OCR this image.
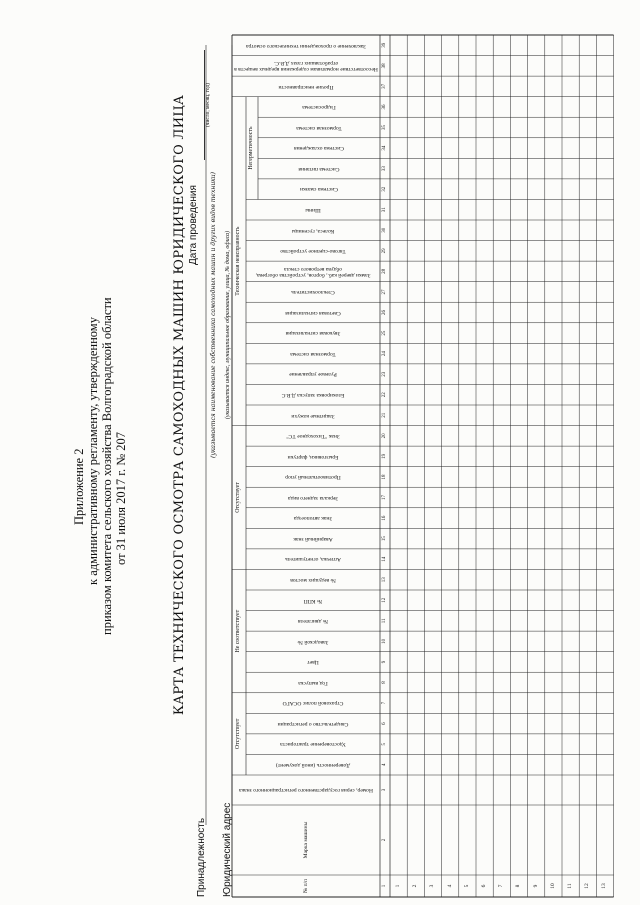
Приложение 2 к административному регламенту, утвержденному приказом комитета сельского хозяйства Волгоградской области от 31 июля 2017 г. № 207	КАРТА ТЕХНИЧЕСКОГО ОСМОТРА САМОХОДНЫХ МАШИН ЮРИДИЧЕСКОГО ЛИЦА Дата проведения
(число, месяц, год)
Принадлежность
(указывается наименование собственника самоходных машин и других видов техники)
Юридический адрес
(указывается индекс, муниципальное образование, улица, № дома, офиса)
Отсутствует
Не соответствует
Отсутствует
Техническая неисправность
Негерметичность
№ п/п	1
Марка машины	2
Номер, серия государственного регистрационного знака	3
Доверенность (иной документ)	4
Удостоверение тракториста	5
Свидетельство о регистрации	6
Страховой полис ОСАГО	7
Год выпуска	8
Цвет	9
Заводской №	10
№ двигателя	11
№ КПП	12
№ ведущих мостов	13
Аптечка, огнетушитель	14
Аварийный знак	15
Знак автопоезда	16
Зеркала заднего вида	17
Противооткатный упор	18
Брызговики, фартуки	19
Знак "Тихоходное ТС"	20
Защитные кожухи	21
Блокировка запуска Д.В.С	22
Рулевое управление	23
Тормозная система	24
Звуковая сигнализация	25
Световая сигнализация	26
Стеклоочиститель	27
Замки дверей каб., бортов, устройства обогрева, обдува ветрового стекла	28
Тягово-сцепное устройство	29
Колеса, гусеницы	30
Шины	31
Система смазки	32
Система питания	33
Система охлаждения	34
Тормозная система	35
Гидросистема	36
Прочие неисправности	37
Несоответствие нормативам содержания вредных веществ в отработавших газах Д.В.С.	38
Заключение о прохождении технического осмотра	39
1 2 3 4 5 6 7 8 9 10 11 12 13
